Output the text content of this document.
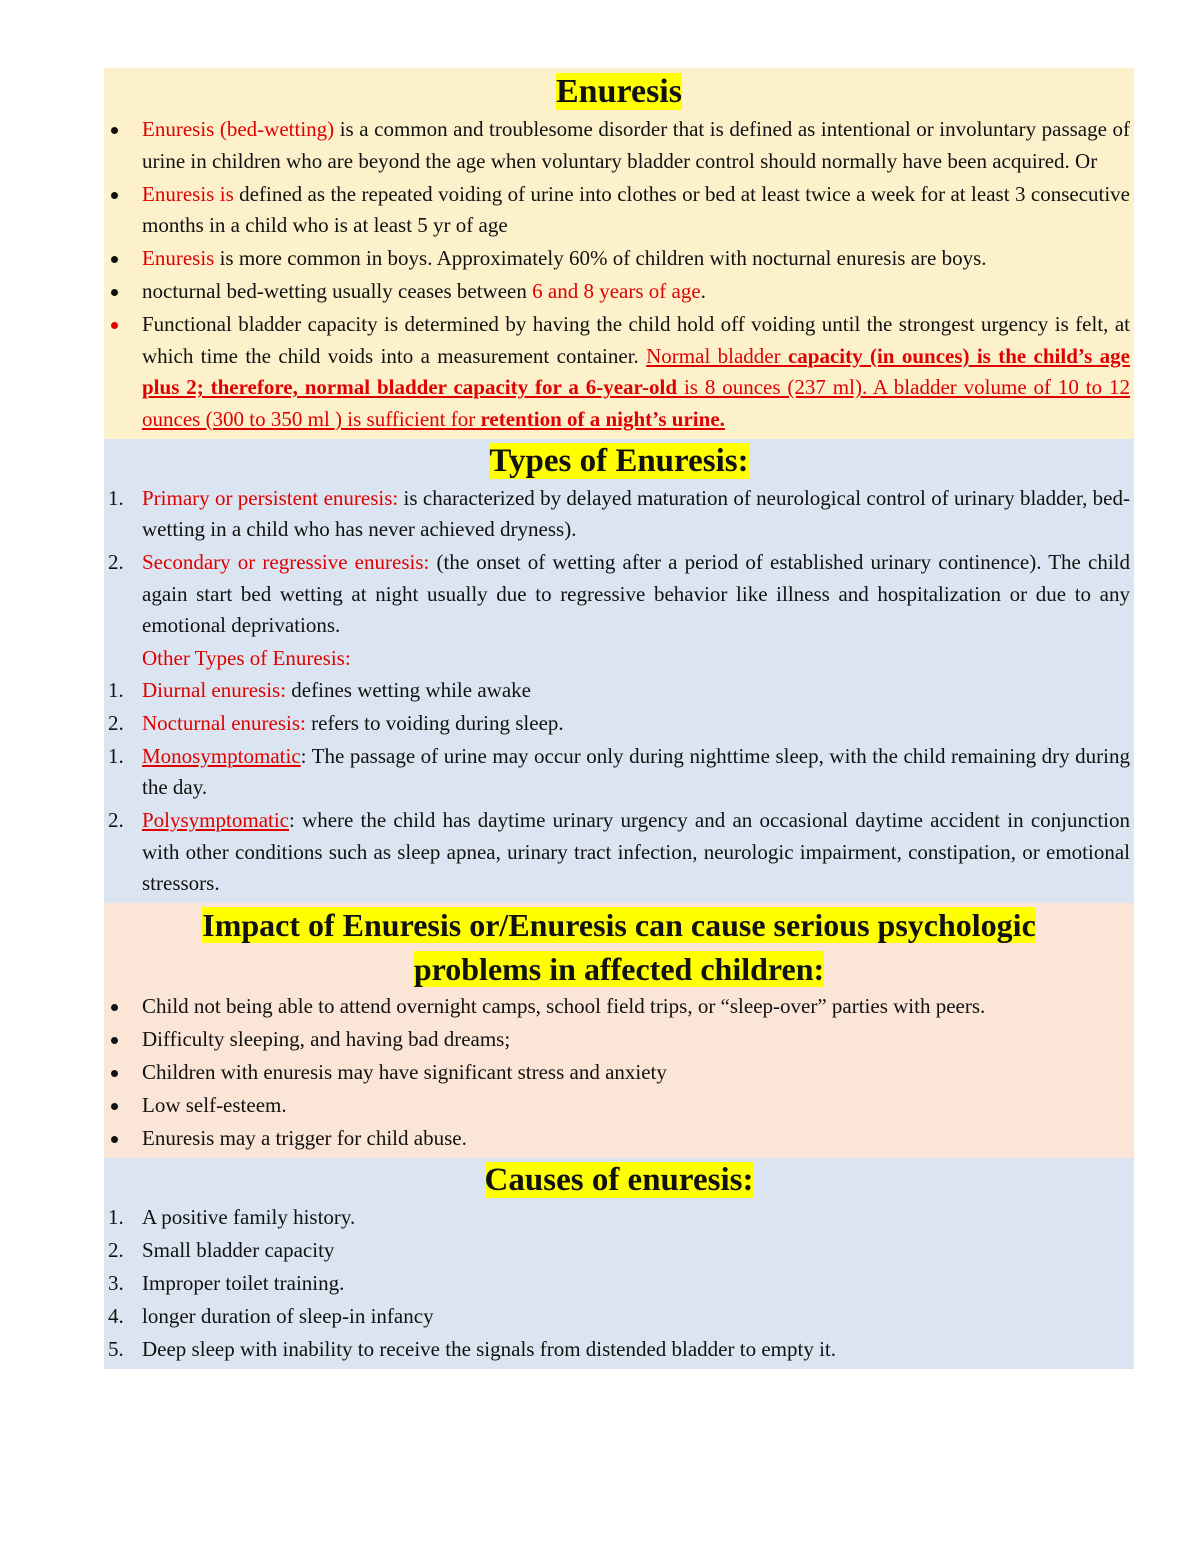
Enuresis
Enuresis (bed-wetting) is a common and troublesome disorder that is defined as intentional or involuntary passage of urine in children who are beyond the age when voluntary bladder control should normally have been acquired. Or
Enuresis is defined as the repeated voiding of urine into clothes or bed at least twice a week for at least 3 consecutive months in a child who is at least 5 yr of age
Enuresis is more common in boys. Approximately 60% of children with nocturnal enuresis are boys.
nocturnal bed-wetting usually ceases between 6 and 8 years of age.
Functional bladder capacity is determined by having the child hold off voiding until the strongest urgency is felt, at which time the child voids into a measurement container. Normal bladder capacity (in ounces) is the child’s age plus 2; therefore, normal bladder capacity for a 6-year-old is 8 ounces (237 ml). A bladder volume of 10 to 12 ounces (300 to 350 ml ) is sufficient for retention of a night’s urine.
Types of Enuresis:
1. Primary or persistent enuresis: is characterized by delayed maturation of neurological control of urinary bladder, bed-wetting in a child who has never achieved dryness).
2. Secondary or regressive enuresis: (the onset of wetting after a period of established urinary continence). The child again start bed wetting at night usually due to regressive behavior like illness and hospitalization or due to any emotional deprivations.
Other Types of Enuresis:
1. Diurnal enuresis: defines wetting while awake
2. Nocturnal enuresis: refers to voiding during sleep.
1. Monosymptomatic: The passage of urine may occur only during nighttime sleep, with the child remaining dry during the day.
2. Polysymptomatic: where the child has daytime urinary urgency and an occasional daytime accident in conjunction with other conditions such as sleep apnea, urinary tract infection, neurologic impairment, constipation, or emotional stressors.
Impact of Enuresis or/Enuresis can cause serious psychologic
problems in affected children:
Child not being able to attend overnight camps, school field trips, or “sleep-over” parties with peers.
Difficulty sleeping, and having bad dreams;
Children with enuresis may have significant stress and anxiety
Low self-esteem.
Enuresis may a trigger for child abuse.
Causes of enuresis:
1. A positive family history.
2. Small bladder capacity
3. Improper toilet training.
4. longer duration of sleep-in infancy
5. Deep sleep with inability to receive the signals from distended bladder to empty it.
